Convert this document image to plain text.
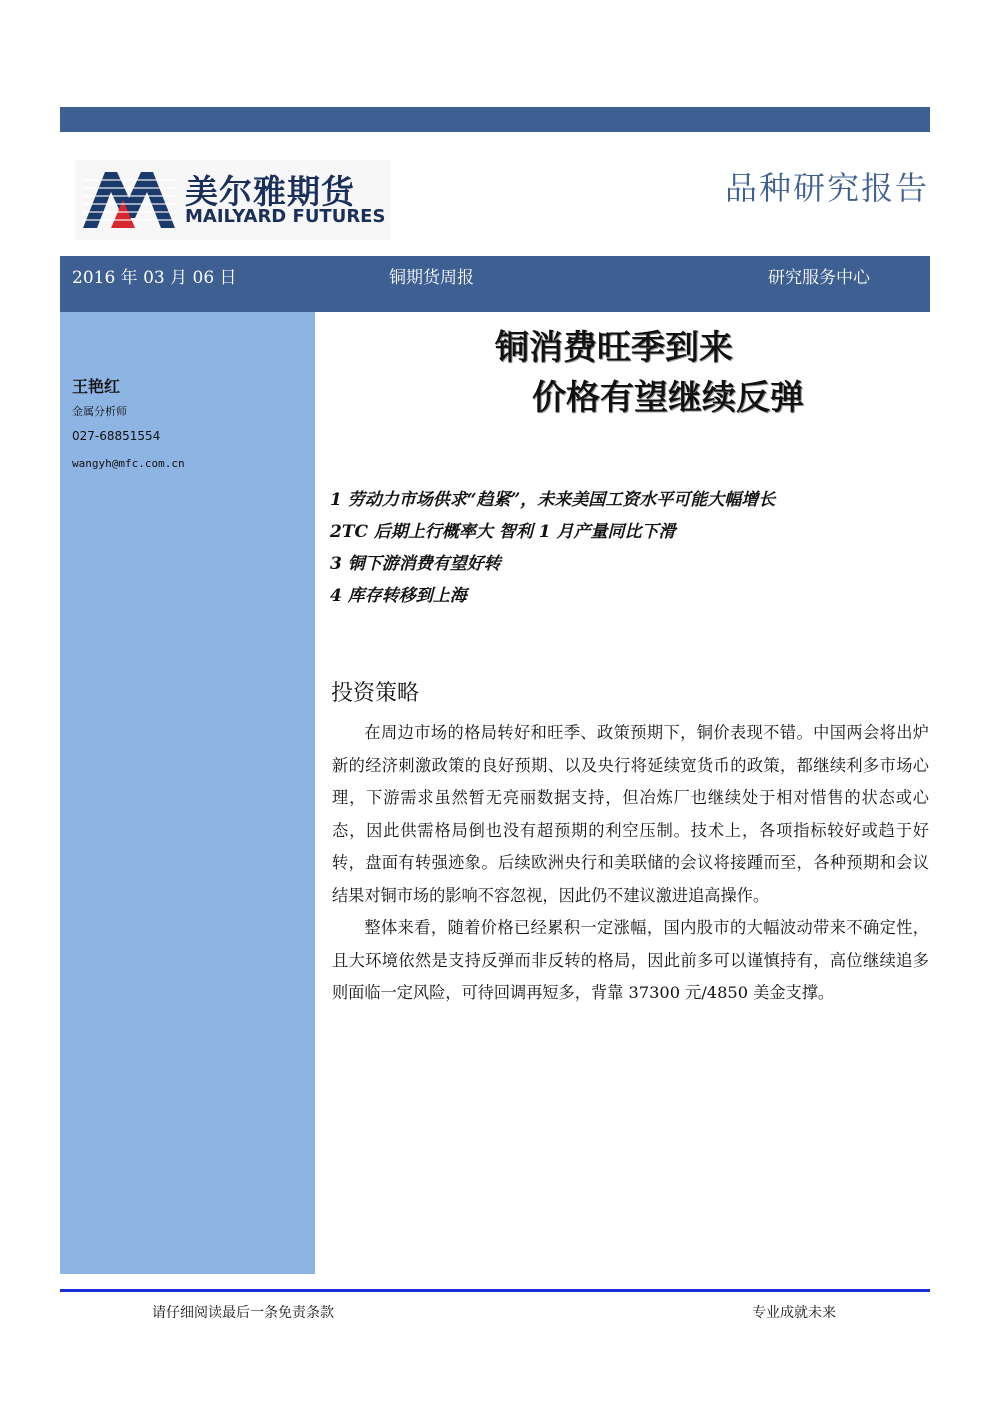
美尔雅期货
MAILYARD FUTURES
品种研究报告
2016 年 03 月 06 日	铜期货周报	研究服务中心
王艳红
金属分析师
027-68851554
wangyh@mfc.com.cn
铜消费旺季到来
价格有望继续反弹
1 劳动力市场供求“趋紧”，未来美国工资水平可能大幅增长
2TC 后期上行概率大 智利 1 月产量同比下滑
3 铜下游消费有望好转
4 库存转移到上海
投资策略

在周边市场的格局转好和旺季、政策预期下，铜价表现不错。中国两会将出炉新的经济刺激政策的良好预期、以及央行将延续宽货币的政策，都继续利多市场心理，下游需求虽然暂无亮丽数据支持，但冶炼厂也继续处于相对惜售的状态或心态，因此供需格局倒也没有超预期的利空压制。技术上，各项指标较好或趋于好转，盘面有转强迹象。后续欧洲央行和美联储的会议将接踵而至，各种预期和会议结果对铜市场的影响不容忽视，因此仍不建议激进追高操作。

整体来看，随着价格已经累积一定涨幅，国内股市的大幅波动带来不确定性，且大环境依然是支持反弹而非反转的格局，因此前多可以谨慎持有，高位继续追多则面临一定风险，可待回调再短多，背靠 37300 元/4850 美金支撑。

请仔细阅读最后一条免责条款	专业成就未来
